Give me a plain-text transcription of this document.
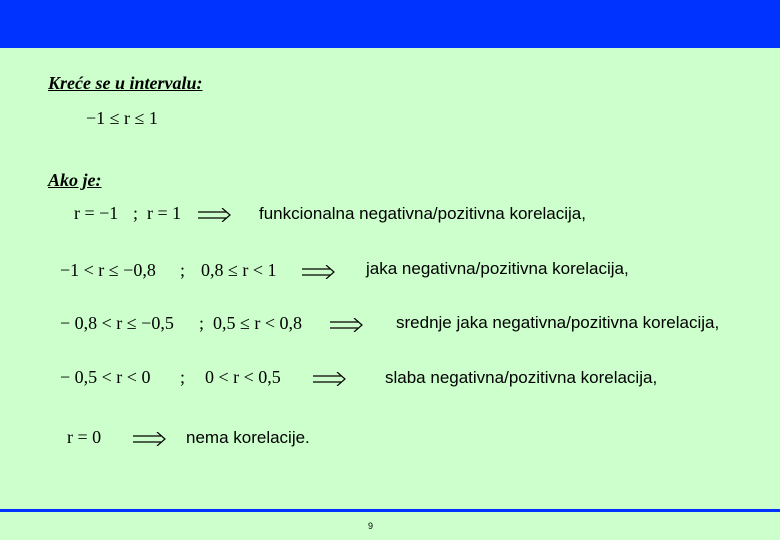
Kreće se u intervalu:
−1 ≤ r ≤ 1
Ako je:
r = −1 ; r = 1	funkcionalna negativna/pozitivna korelacija,
−1 < r ≤ −0,8 ; 0,8 ≤ r < 1	jaka negativna/pozitivna korelacija,
− 0,8 < r ≤ −0,5 ; 0,5 ≤ r < 0,8	srednje jaka negativna/pozitivna korelacija,
− 0,5 < r < 0 ; 0 < r < 0,5	slaba negativna/pozitivna korelacija,
r = 0	nema korelacije.
9
